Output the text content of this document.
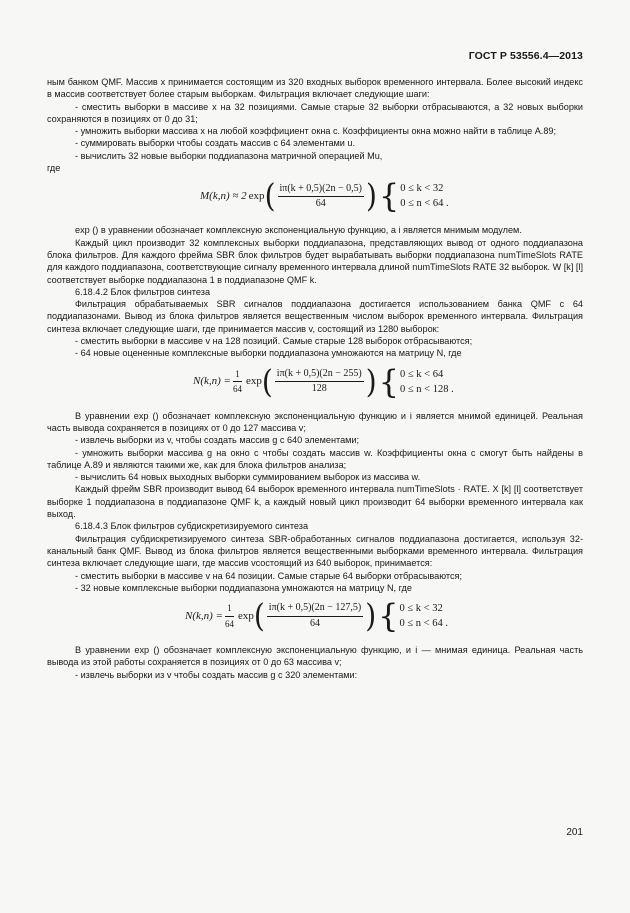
ГОСТ Р 53556.4—2013

ным банком QMF. Массив x принимается состоящим из 320 входных выборок временного интервала. Более высокий индекс в массив соответствует более старым выборкам. Фильтрация включает следующие шаги:

- сместить выборки в массиве x на 32 позициями. Самые старые 32 выборки отбрасываются, а 32 новых выборки сохраняются в позициях от 0 до 31;

- умножить выборки массива x на любой коэффициент окна c. Коэффициенты окна можно найти в таблице А.89;

- суммировать выборки чтобы создать массив с 64 элементами u.

- вычислить 32 новые выборки поддиапазона матричной операцией Mu,

где

M(k,n) ≈ 2 exp ( $\frac{i\pi(k + 0,5)(2n - 0,5)}{64}$ ) { 0 ≤ k < 32
0 ≤ n < 64 .

exp () в уравнении обозначает комплексную экспоненциальную функцию, а i является мнимым модулем.

Каждый цикл производит 32 комплексных выборки поддиапазона, представляющих вывод от одного поддиапазона блока фильтров. Для каждого фрейма SBR блок фильтров будет вырабатывать выборки поддиапазона numTimeSlots RATE для каждого поддиапазона, соответствующие сигналу временного интервала длиной numTimeSlots RATE 32 выборок. W [k] [l] соответствует выборке поддиапазона 1 в поддиапазоне QMF k.

6.18.4.2 Блок фильтров синтеза

Фильтрация обрабатываемых SBR сигналов поддиапазона достигается использованием банка QMF с 64 поддиапазонами. Вывод из блока фильтров является вещественным числом выборок временного интервала. Фильтрация синтеза включает следующие шаги, где принимается массив v, состоящий из 1280 выборок:

- сместить выборки в массиве v на 128 позиций. Самые старые 128 выборок отбрасываются;

- 64 новые оцененные комплексные выборки поддиапазона умножаются на матрицу N, где

$N(k,n) = \frac{1}{64}$ exp ( $\frac{i\pi(k + 0,5)(2n - 255)}{128}$ ) { 0 ≤ k < 64
0 ≤ n < 128 .

В уравнении exp () обозначает комплексную экспоненциальную функцию и i является мнимой единицей. Реальная часть вывода сохраняется в позициях от 0 до 127 массива v;

- извлечь выборки из v, чтобы создать массив g с 640 элементами;

- умножить выборки массива g на окно c чтобы создать массив w. Коэффициенты окна c смогут быть найдены в таблице А.89 и являются такими же, как для блока фильтров анализа;

- вычислить 64 новых выходных выборки суммированием выборок из массива w.

Каждый фрейм SBR производит вывод 64 выборок временного интервала numTimeSlots · RATE. X [k] [l] соответствует выборке 1 поддиапазона в поддиапазоне QMF k, а каждый новый цикл производит 64 выборки временного интервала как выход.

6.18.4.3 Блок фильтров субдискретизируемого синтеза

Фильтрация субдискретизируемого синтеза SBR-обработанных сигналов поддиапазона достигается, используя 32-канальный банк QMF. Вывод из блока фильтров является вещественными выборками временного интервала. Фильтрация синтеза включает следующие шаги, где массив vсостоящий из 640 выборок, принимается:

- сместить выборки в массиве v на 64 позиции. Самые старые 64 выборки отбрасываются;

- 32 новые комплексные выборки поддиапазона умножаются на матрицу N, где

$N(k,n) = \frac{1}{64}$ exp ( $\frac{i\pi(k + 0,5)(2n - 127,5)}{64}$ ) { 0 ≤ k < 32
0 ≤ n < 64 .

В уравнении exp () обозначает комплексную экспоненциальную функцию, и i — мнимая единица. Реальная часть вывода из этой работы сохраняется в позициях от 0 до 63 массива v;

- извлечь выборки из v чтобы создать массив g с 320 элементами:

201
